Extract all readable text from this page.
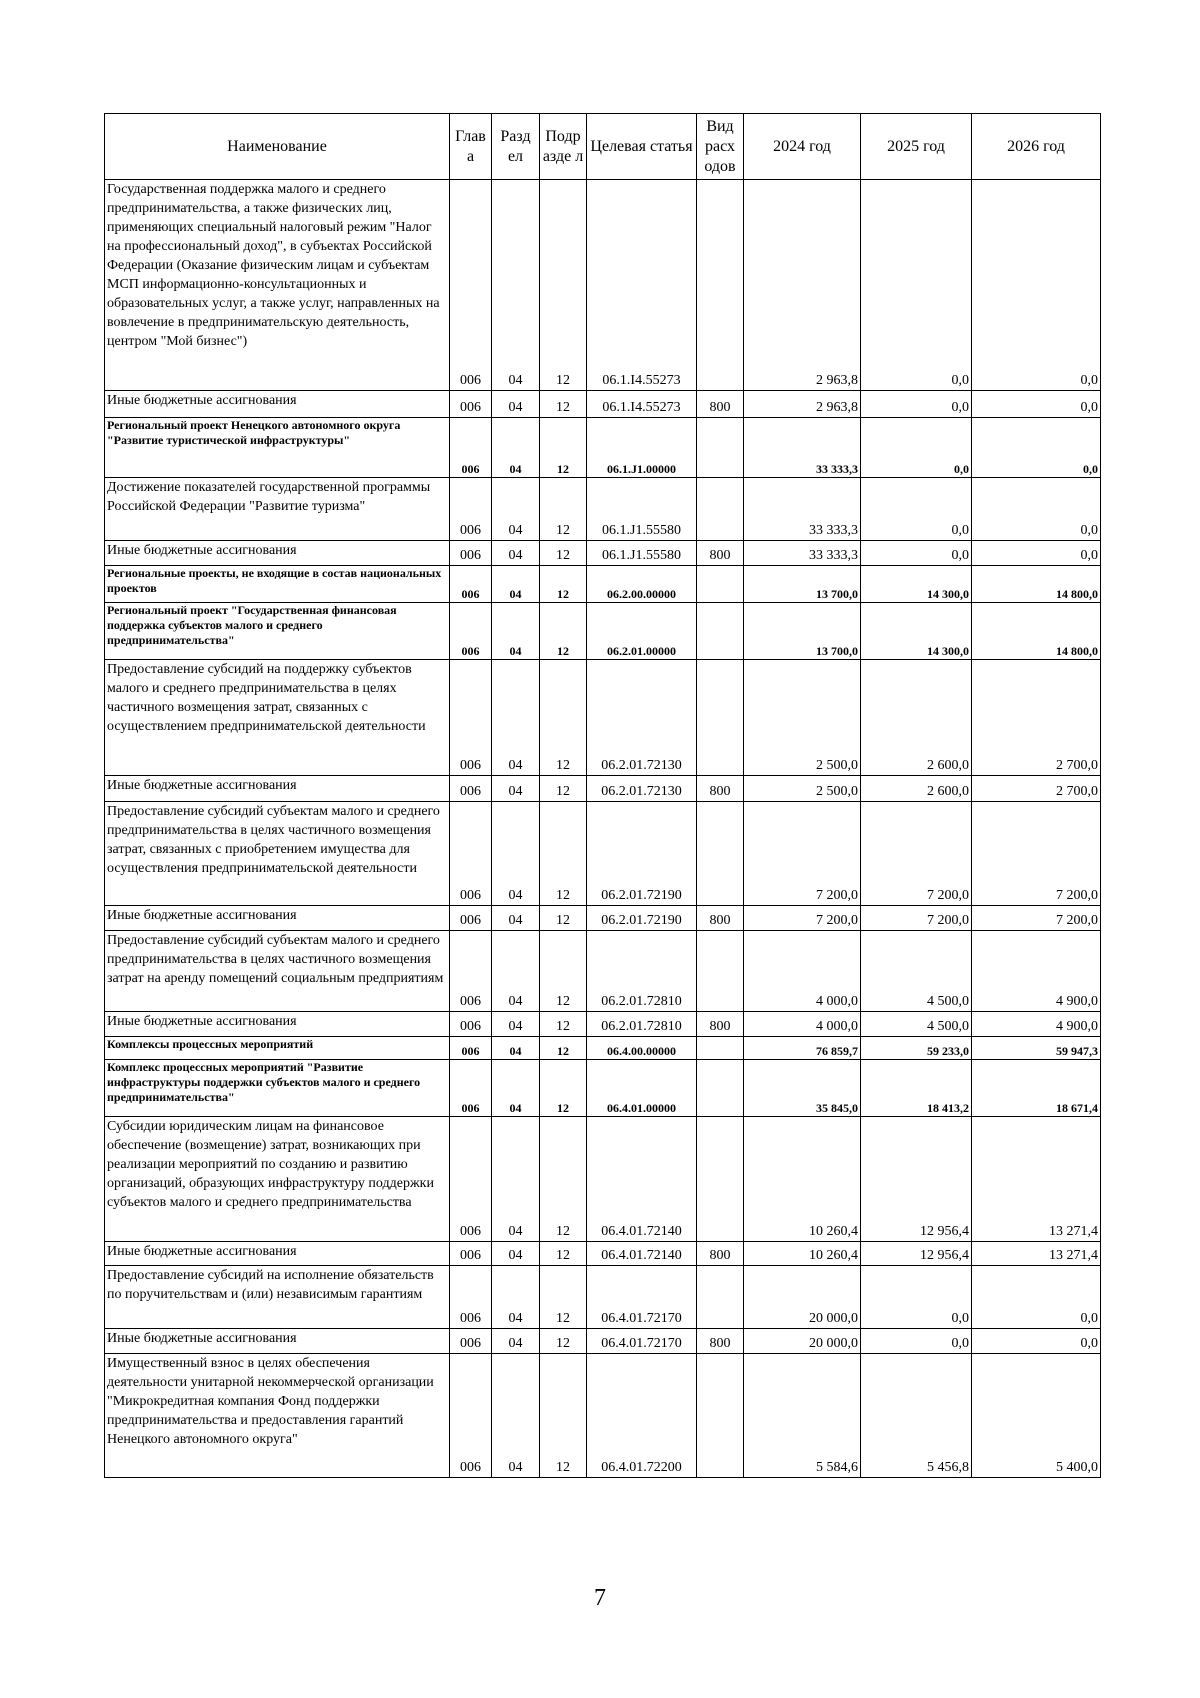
Наименование	Глав а	Разд ел	Подр азде л	Целевая статья	Вид расх одов	2024 год	2025 год	2026 год
Государственная поддержка малого и среднего предпринимательства, а также физических лиц, применяющих специальный налоговый режим "Налог на профессиональный доход", в субъектах Российской Федерации (Оказание физическим лицам и субъектам МСП информационно-консультационных и образовательных услуг, а также услуг, направленных на вовлечение в предпринимательскую деятельность, центром "Мой бизнес")	006	04	12	06.1.I4.55273		2 963,8	0,0	0,0
Иные бюджетные ассигнования	006	04	12	06.1.I4.55273	800	2 963,8	0,0	0,0
Региональный проект Ненецкого автономного округа "Развитие туристической инфраструктуры"	006	04	12	06.1.J1.00000		33 333,3	0,0	0,0
Достижение показателей государственной программы Российской Федерации "Развитие туризма"	006	04	12	06.1.J1.55580		33 333,3	0,0	0,0
Иные бюджетные ассигнования	006	04	12	06.1.J1.55580	800	33 333,3	0,0	0,0
Региональные проекты, не входящие в состав национальных проектов	006	04	12	06.2.00.00000		13 700,0	14 300,0	14 800,0
Региональный проект "Государственная финансовая поддержка субъектов малого и среднего предпринимательства"	006	04	12	06.2.01.00000		13 700,0	14 300,0	14 800,0
Предоставление субсидий на поддержку субъектов малого и среднего предпринимательства в целях частичного возмещения затрат, связанных с осуществлением предпринимательской деятельности	006	04	12	06.2.01.72130		2 500,0	2 600,0	2 700,0
Иные бюджетные ассигнования	006	04	12	06.2.01.72130	800	2 500,0	2 600,0	2 700,0
Предоставление субсидий субъектам малого и среднего предпринимательства в целях частичного возмещения затрат, связанных с приобретением имущества для осуществления предпринимательской деятельности	006	04	12	06.2.01.72190		7 200,0	7 200,0	7 200,0
Иные бюджетные ассигнования	006	04	12	06.2.01.72190	800	7 200,0	7 200,0	7 200,0
Предоставление субсидий субъектам малого и среднего предпринимательства в целях частичного возмещения затрат на аренду помещений социальным предприятиям	006	04	12	06.2.01.72810		4 000,0	4 500,0	4 900,0
Иные бюджетные ассигнования	006	04	12	06.2.01.72810	800	4 000,0	4 500,0	4 900,0
Комплексы процессных мероприятий	006	04	12	06.4.00.00000		76 859,7	59 233,0	59 947,3
Комплекс процессных мероприятий "Развитие инфраструктуры поддержки субъектов малого и среднего предпринимательства"	006	04	12	06.4.01.00000		35 845,0	18 413,2	18 671,4
Субсидии юридическим лицам на финансовое обеспечение (возмещение) затрат, возникающих при реализации мероприятий по созданию и развитию организаций, образующих инфраструктуру поддержки субъектов малого и среднего предпринимательства	006	04	12	06.4.01.72140		10 260,4	12 956,4	13 271,4
Иные бюджетные ассигнования	006	04	12	06.4.01.72140	800	10 260,4	12 956,4	13 271,4
Предоставление субсидий на исполнение обязательств по поручительствам и (или) независимым гарантиям	006	04	12	06.4.01.72170		20 000,0	0,0	0,0
Иные бюджетные ассигнования	006	04	12	06.4.01.72170	800	20 000,0	0,0	0,0
Имущественный взнос в целях обеспечения деятельности унитарной некоммерческой организации "Микрокредитная компания Фонд поддержки предпринимательства и предоставления гарантий Ненецкого автономного округа"	006	04	12	06.4.01.72200		5 584,6	5 456,8	5 400,0
7
